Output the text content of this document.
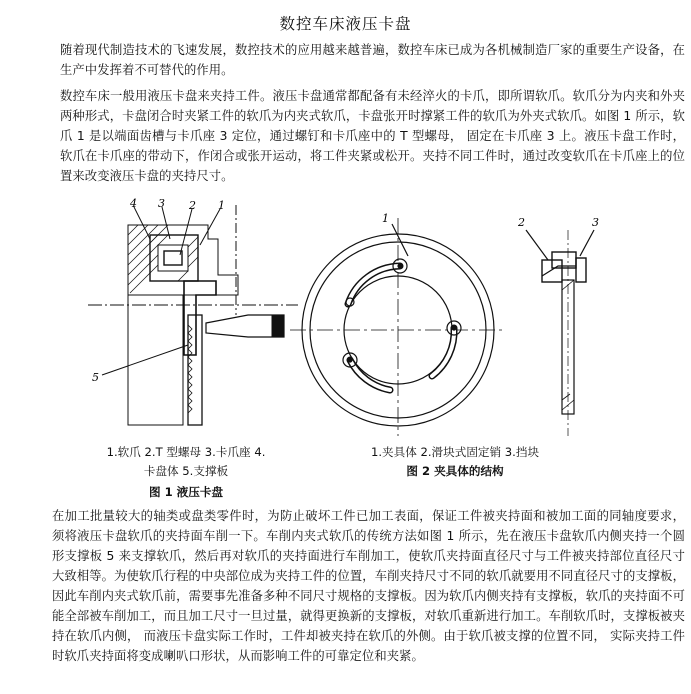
数控车床液压卡盘

随着现代制造技术的飞速发展，数控技术的应用越来越普遍，数控车床已成为各机械制造厂家的重要生产设备，在生产中发挥着不可替代的作用。

数控车床一般用液压卡盘来夹持工件。液压卡盘通常都配备有未经淬火的卡爪，即所谓软爪。软爪分为内夹和外夹两种形式，卡盘闭合时夹紧工件的软爪为内夹式软爪，卡盘张开时撑紧工件的软爪为外夹式软爪。如图 1 所示，软爪 1 是以端面齿槽与卡爪座 3 定位，通过螺钉和卡爪座中的 T 型螺母， 固定在卡爪座 3 上。液压卡盘工作时，软爪在卡爪座的带动下，作闭合或张开运动，将工件夹紧或松开。夹持不同工件时，通过改变软爪在卡爪座上的位置来改变液压卡盘的夹持尺寸。

4 3 2 1
5
1	2	3

1.软爪 2.T 型螺母 3.卡爪座 4.

卡盘体 5.支撑板

图 1 液压卡盘

1.夹具体 2.滑块式固定销 3.挡块

图 2 夹具体的结构

在加工批量较大的轴类或盘类零件时，为防止破坏工件已加工表面，保证工件被夹持面和被加工面的同轴度要求， 须将液压卡盘软爪的夹持面车削一下。车削内夹式软爪的传统方法如图 1 所示，先在液压卡盘软爪内侧夹持一个圆形支撑板 5 来支撑软爪，然后再对软爪的夹持面进行车削加工，使软爪夹持面直径尺寸与工件被夹持部位直径尺寸大致相等。为使软爪行程的中央部位成为夹持工件的位置，车削夹持尺寸不同的软爪就要用不同直径尺寸的支撑板，因此车削内夹式软爪前，需要事先准备多种不同尺寸规格的支撑板。因为软爪内侧夹持有支撑板，软爪的夹持面不可能全部被车削加工，而且加工尺寸一旦过量，就得更换新的支撑板，对软爪重新进行加工。车削软爪时，支撑板被夹持在软爪内侧， 而液压卡盘实际工作时，工件却被夹持在软爪的外侧。由于软爪被支撑的位置不同， 实际夹持工件时软爪夹持面将变成喇叭口形状，从而影响工件的可靠定位和夹紧。
